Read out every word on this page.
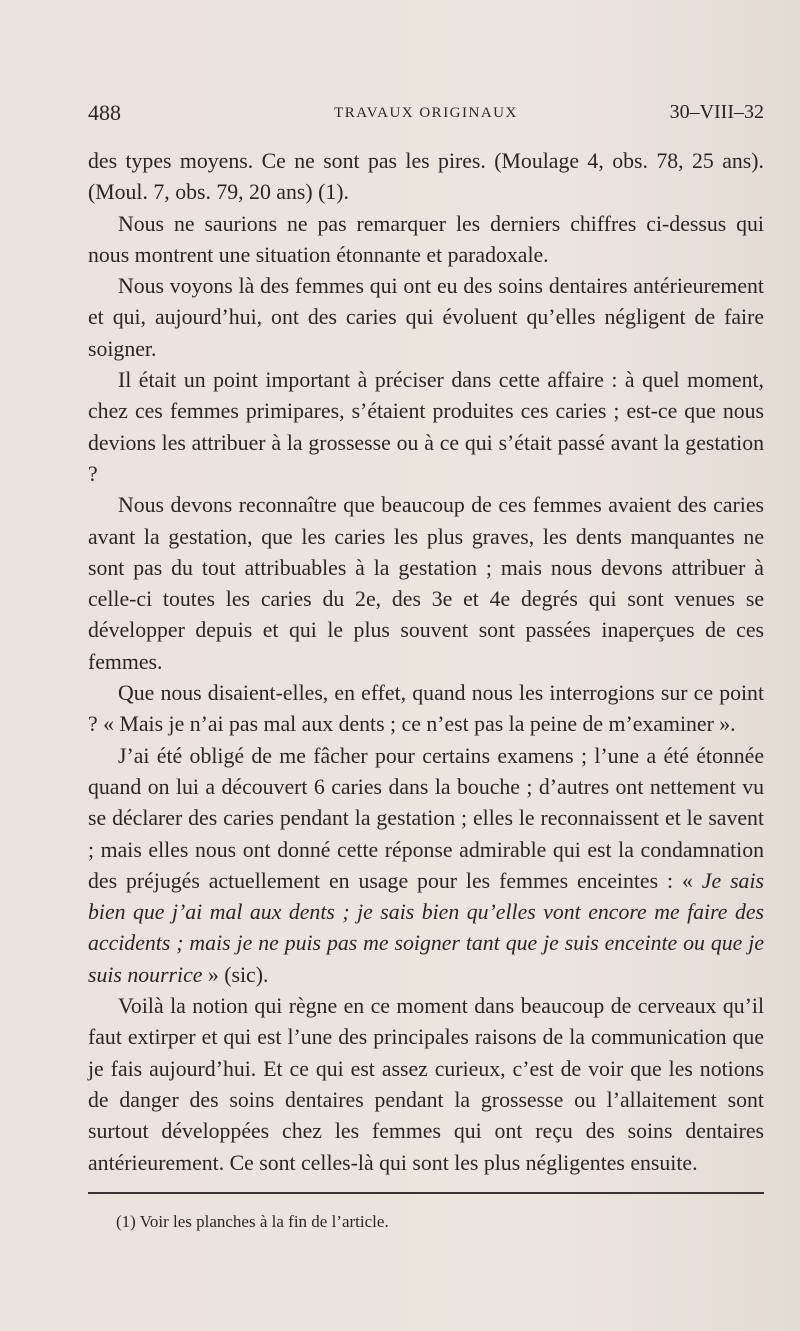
488	TRAVAUX ORIGINAUX	30–VIII–32

des types moyens. Ce ne sont pas les pires. (Moulage 4, obs. 78, 25 ans). (Moul. 7, obs. 79, 20 ans) (1).

Nous ne saurions ne pas remarquer les derniers chiffres ci-dessus qui nous montrent une situation étonnante et paradoxale.

Nous voyons là des femmes qui ont eu des soins dentaires antérieurement et qui, aujourd’hui, ont des caries qui évoluent qu’elles négligent de faire soigner.

Il était un point important à préciser dans cette affaire : à quel moment, chez ces femmes primipares, s’étaient produites ces caries ; est-ce que nous devions les attribuer à la grossesse ou à ce qui s’était passé avant la gestation ?

Nous devons reconnaître que beaucoup de ces femmes avaient des caries avant la gestation, que les caries les plus graves, les dents manquantes ne sont pas du tout attribuables à la gestation ; mais nous devons attribuer à celle-ci toutes les caries du 2e, des 3e et 4e degrés qui sont venues se développer depuis et qui le plus souvent sont passées inaperçues de ces femmes.

Que nous disaient-elles, en effet, quand nous les interrogions sur ce point ? « Mais je n’ai pas mal aux dents ; ce n’est pas la peine de m’examiner ».

J’ai été obligé de me fâcher pour certains examens ; l’une a été étonnée quand on lui a découvert 6 caries dans la bouche ; d’autres ont nettement vu se déclarer des caries pendant la gestation ; elles le reconnaissent et le savent ; mais elles nous ont donné cette réponse admirable qui est la condamnation des préjugés actuellement en usage pour les femmes enceintes : « Je sais bien que j’ai mal aux dents ; je sais bien qu’elles vont encore me faire des accidents ; mais je ne puis pas me soigner tant que je suis enceinte ou que je suis nourrice » (sic).

Voilà la notion qui règne en ce moment dans beaucoup de cerveaux qu’il faut extirper et qui est l’une des principales raisons de la communication que je fais aujourd’hui. Et ce qui est assez curieux, c’est de voir que les notions de danger des soins dentaires pendant la grossesse ou l’allaitement sont surtout développées chez les femmes qui ont reçu des soins dentaires antérieurement. Ce sont celles-là qui sont les plus négligentes ensuite.

(1) Voir les planches à la fin de l’article.
